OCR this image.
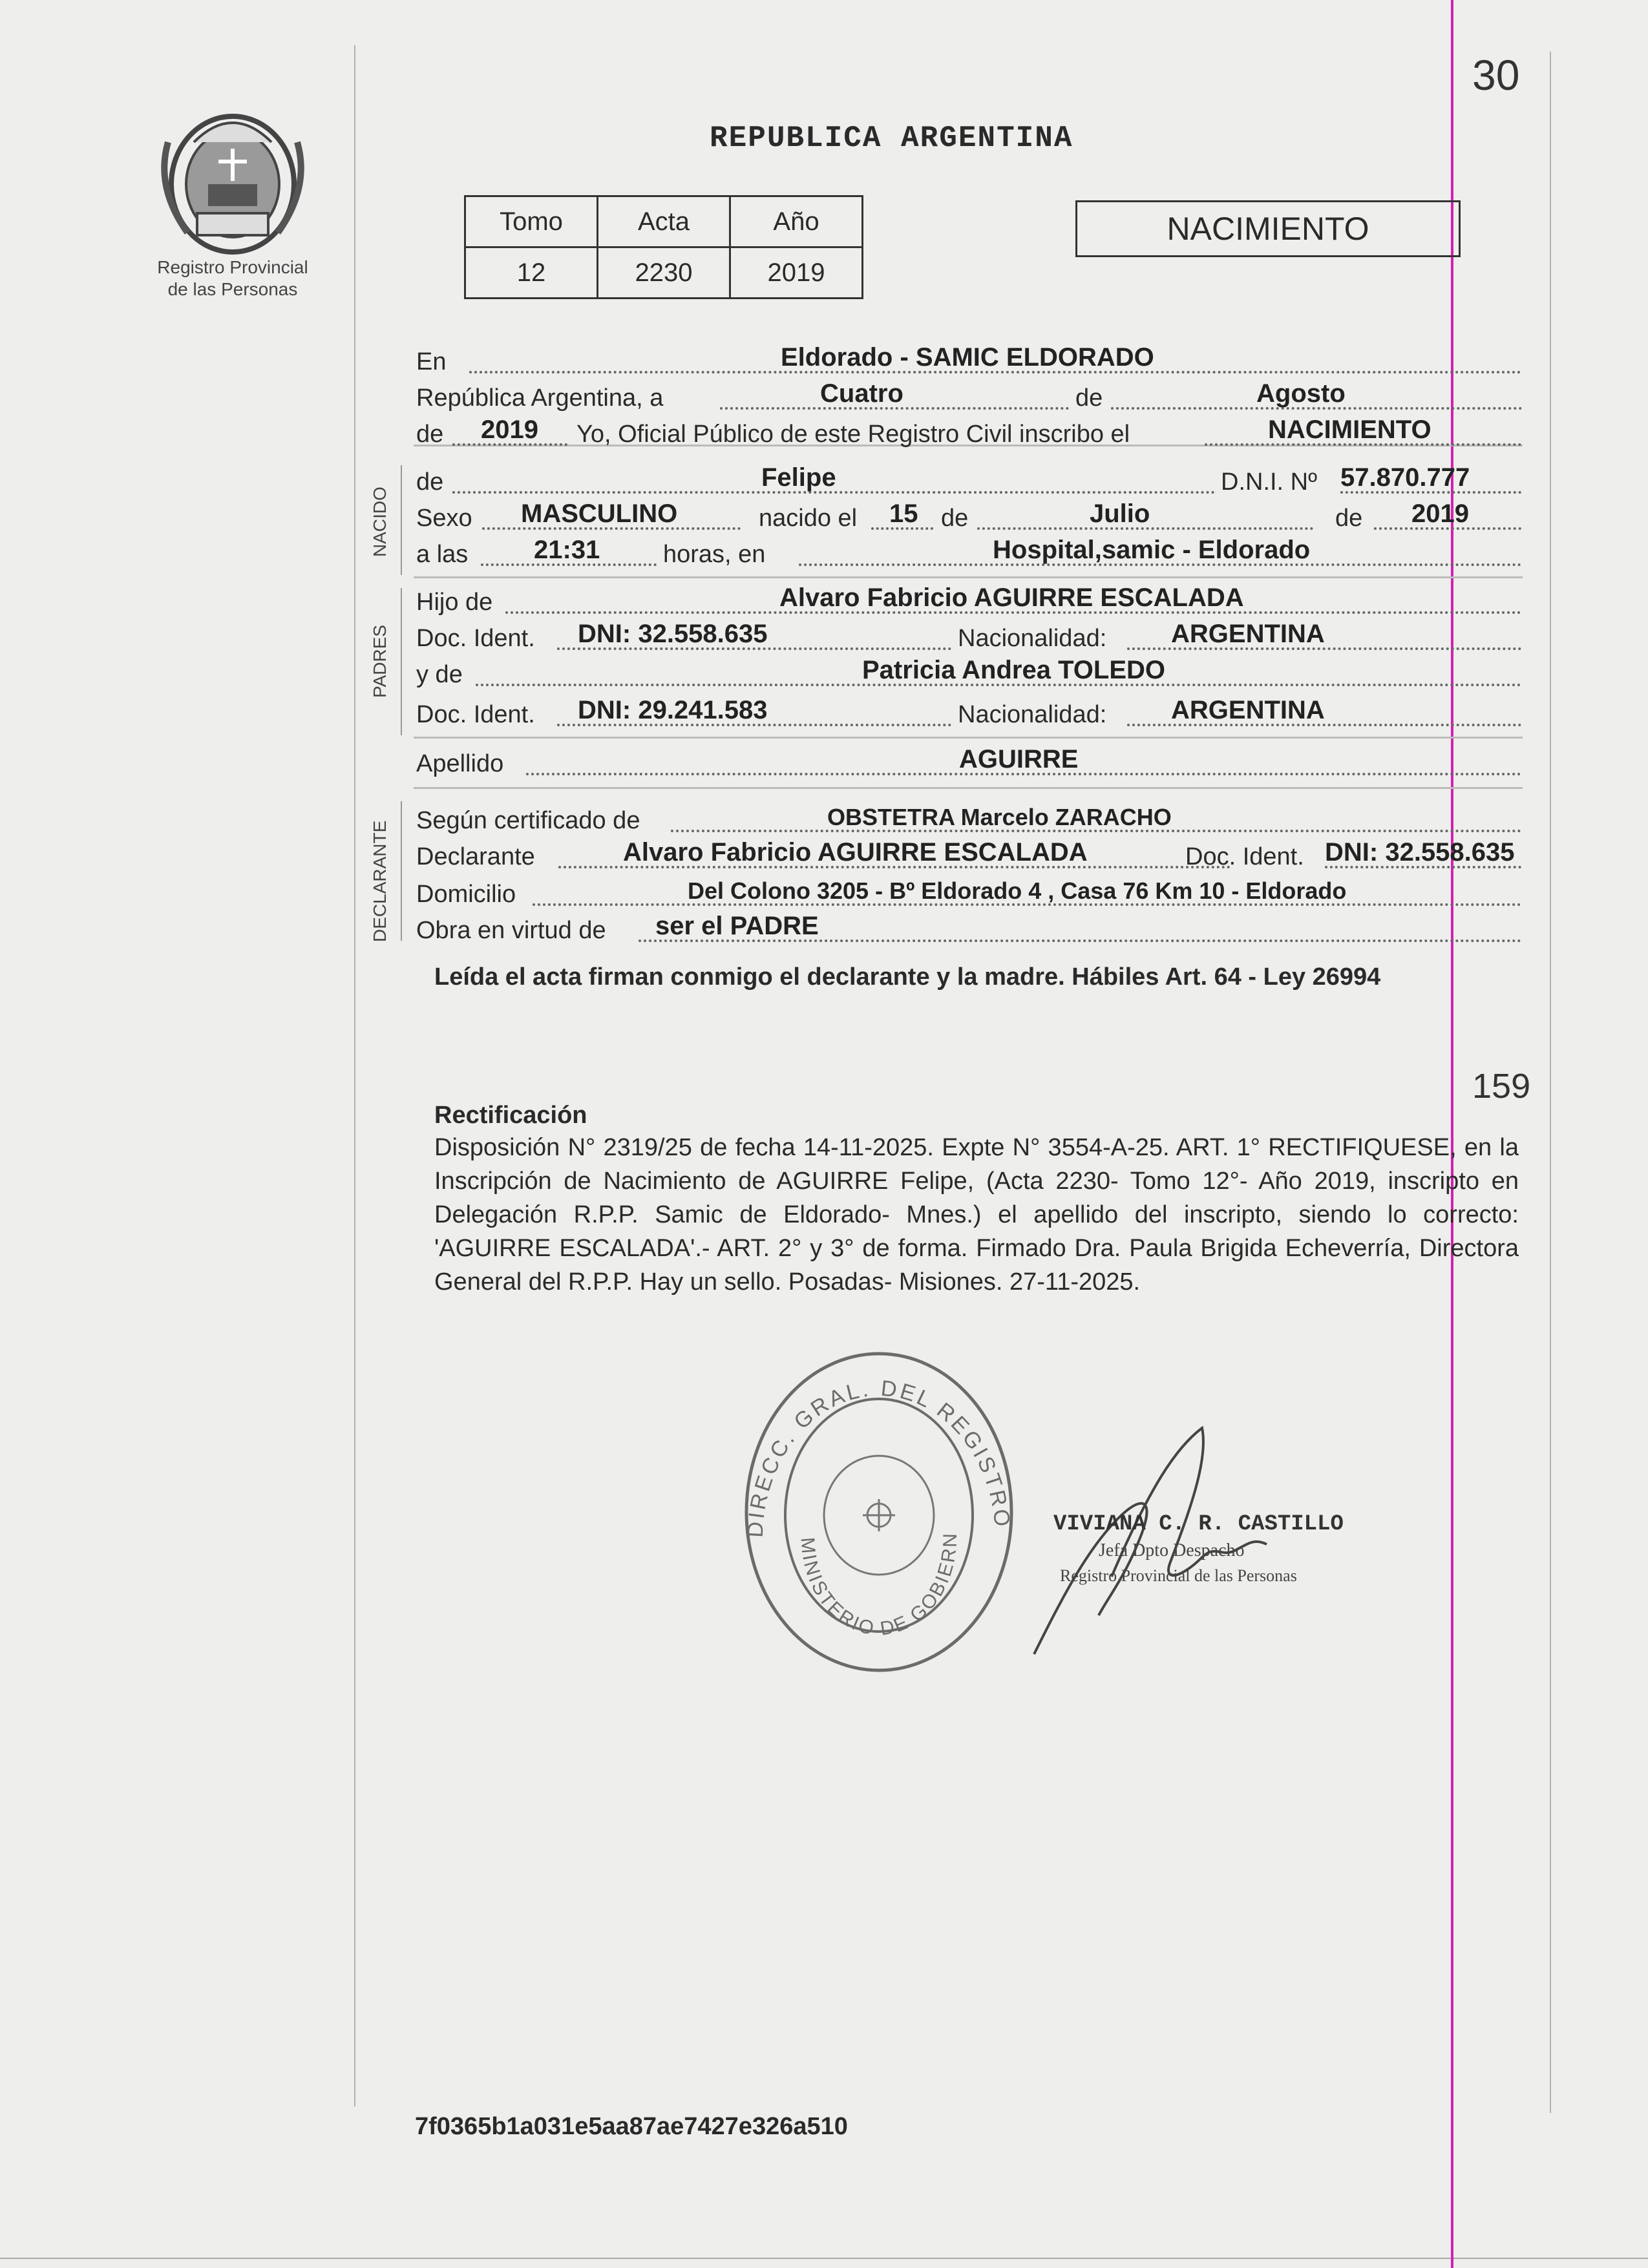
30
Registro Provincial
de las Personas
REPUBLICA ARGENTINA
Tomo	Acta	Año
12	2230	2019
NACIMIENTO
NACIDO
PADRES
DECLARANTE
En	Eldorado - SAMIC ELDORADO
República Argentina, a	Cuatro	de	Agosto
de 2019 Yo, Oficial Público de este Registro Civil inscribo el	NACIMIENTO
de	Felipe	D.N.I. Nº 57.870.777
Sexo MASCULINO	nacido el 15 de	Julio	de 2019
a las	21:31	horas, en	Hospital,samic - Eldorado
Hijo de	Alvaro Fabricio AGUIRRE ESCALADA
Doc. Ident. DNI: 32.558.635	Nacionalidad: ARGENTINA
y de	Patricia Andrea TOLEDO
Doc. Ident. DNI: 29.241.583	Nacionalidad: ARGENTINA
Apellido	AGUIRRE
Según certificado de	OBSTETRA Marcelo ZARACHO
Declarante	Alvaro Fabricio AGUIRRE ESCALADA	Doc. Ident. DNI: 32.558.635
Domicilio	Del Colono 3205 - Bº Eldorado 4 , Casa 76 Km 10 - Eldorado
Obra en virtud de ser el PADRE
Leída el acta firman conmigo el declarante y la madre. Hábiles Art. 64 - Ley 26994
159
Rectificación
Disposición N° 2319/25 de fecha 14-11-2025. Expte N° 3554-A-25. ART. 1° RECTIFIQUESE, en la Inscripción de Nacimiento de AGUIRRE Felipe, (Acta 2230- Tomo 12°- Año 2019, inscripto en Delegación R.P.P. Samic de Eldorado- Mnes.) el apellido del inscripto, siendo lo correcto: 'AGUIRRE ESCALADA'.- ART. 2° y 3° de forma. Firmado Dra. Paula Brigida Echeverría, Directora General del R.P.P. Hay un sello. Posadas- Misiones. 27-11-2025.
DIRECC. GRAL. DEL REGISTRO
MINISTERIO DE GOBIERN
VIVIANA C. R. CASTILLO
Jefa Dpto Despacho
Registro Provincial de las Personas
7f0365b1a031e5aa87ae7427e326a510
